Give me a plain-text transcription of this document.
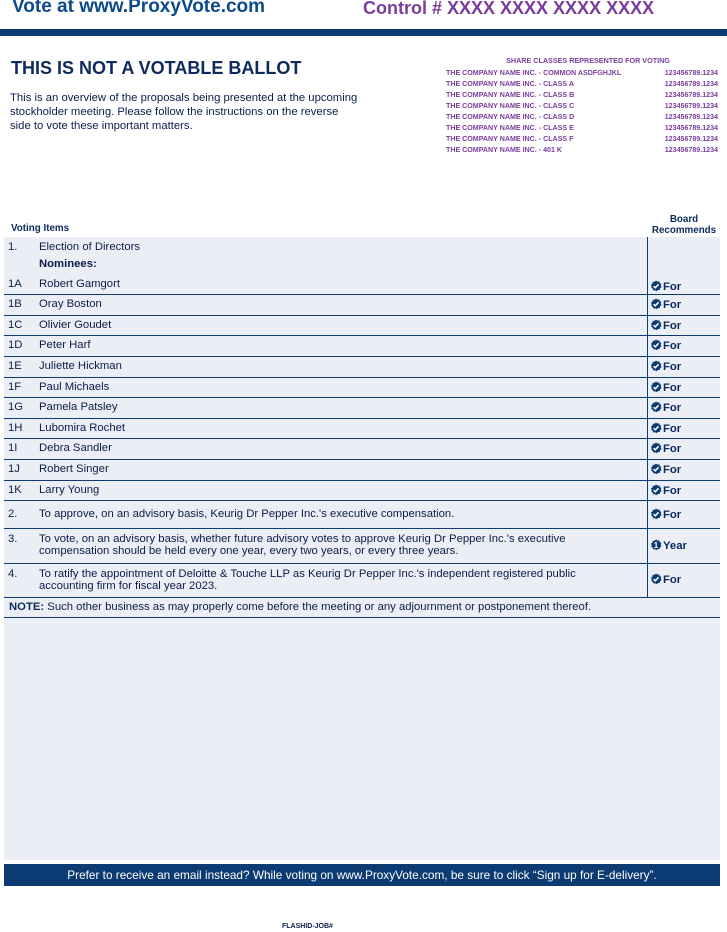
Vote at www.ProxyVote.com	Control # XXXX XXXX XXXX XXXX
THIS IS NOT A VOTABLE BALLOT
This is an overview of the proposals being presented at the upcoming stockholder meeting. Please follow the instructions on the reverse side to vote these important matters.
SHARE CLASSES REPRESENTED FOR VOTING
THE COMPANY NAME INC. - COMMON ASDFGHJKL	123456789.1234
THE COMPANY NAME INC. - CLASS A	123456789.1234
THE COMPANY NAME INC. - CLASS B	123456789.1234
THE COMPANY NAME INC. - CLASS C	123456789.1234
THE COMPANY NAME INC. - CLASS D	123456789.1234
THE COMPANY NAME INC. - CLASS E	123456789.1234
THE COMPANY NAME INC. - CLASS F	123456789.1234
THE COMPANY NAME INC. - 401 K	123456789.1234
Voting Items
Board
Recommends
1. Election of Directors
Nominees:
1A Robert Gamgort	For
1B Oray Boston	For
1C Olivier Goudet	For
1D Peter Harf	For
1E Juliette Hickman	For
1F Paul Michaels	For
1G Pamela Patsley	For
1H Lubomira Rochet	For
1I Debra Sandler	For
1J Robert Singer	For
1K Larry Young	For
2. To approve, on an advisory basis, Keurig Dr Pepper Inc.'s executive compensation.	For
3. To vote, on an advisory basis, whether future advisory votes to approve Keurig Dr Pepper Inc.'s executive compensation should be held every one year, every two years, or every three years.	1 Year
4. To ratify the appointment of Deloitte & Touche LLP as Keurig Dr Pepper Inc.'s independent registered public accounting firm for fiscal year 2023.	For
NOTE: Such other business as may properly come before the meeting or any adjournment or postponement thereof.
Prefer to receive an email instead? While voting on www.ProxyVote.com, be sure to click “Sign up for E-delivery”.
FLASHID-JOB#
